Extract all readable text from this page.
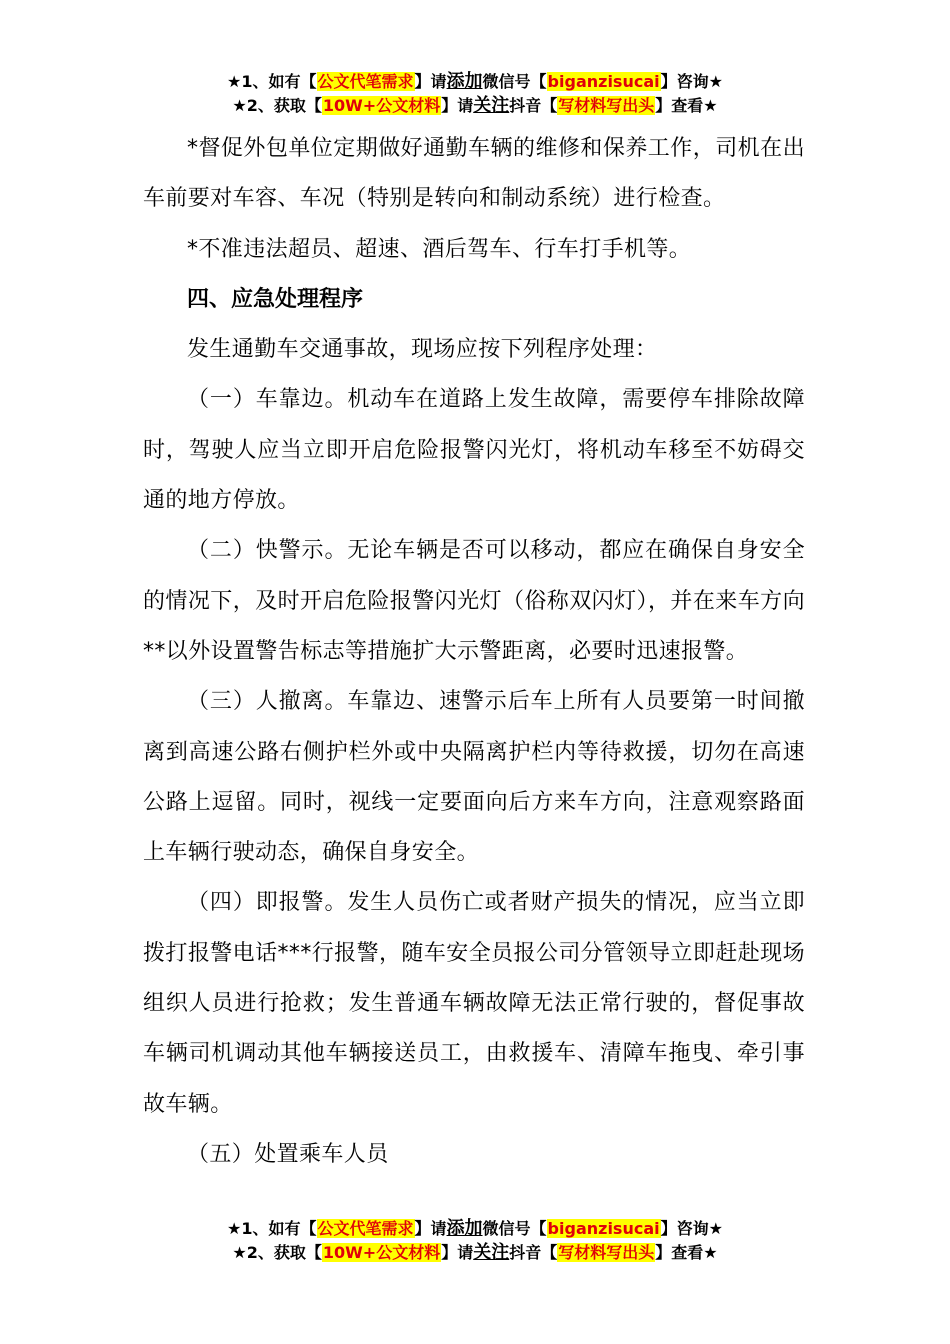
★1、如有【公文代笔需求】请添加微信号【biganzisucai】咨询★
★2、获取【10W+公文材料】请关注抖音【写材料写出头】查看★

*督促外包单位定期做好通勤车辆的维修和保养工作，司机在出车前要对车容、车况（特别是转向和制动系统）进行检查。

*不准违法超员、超速、酒后驾车、行车打手机等。

四、应急处理程序

发生通勤车交通事故，现场应按下列程序处理：

（一）车靠边。机动车在道路上发生故障，需要停车排除故障时，驾驶人应当立即开启危险报警闪光灯，将机动车移至不妨碍交通的地方停放。

（二）快警示。无论车辆是否可以移动，都应在确保自身安全的情况下，及时开启危险报警闪光灯（俗称双闪灯），并在来车方向**以外设置警告标志等措施扩大示警距离，必要时迅速报警。

（三）人撤离。车靠边、速警示后车上所有人员要第一时间撤离到高速公路右侧护栏外或中央隔离护栏内等待救援，切勿在高速公路上逗留。同时，视线一定要面向后方来车方向，注意观察路面上车辆行驶动态，确保自身安全。

（四）即报警。发生人员伤亡或者财产损失的情况，应当立即拨打报警电话***行报警，随车安全员报公司分管领导立即赶赴现场组织人员进行抢救；发生普通车辆故障无法正常行驶的，督促事故车辆司机调动其他车辆接送员工，由救援车、清障车拖曳、牵引事故车辆。

（五）处置乘车人员

★1、如有【公文代笔需求】请添加微信号【biganzisucai】咨询★
★2、获取【10W+公文材料】请关注抖音【写材料写出头】查看★
